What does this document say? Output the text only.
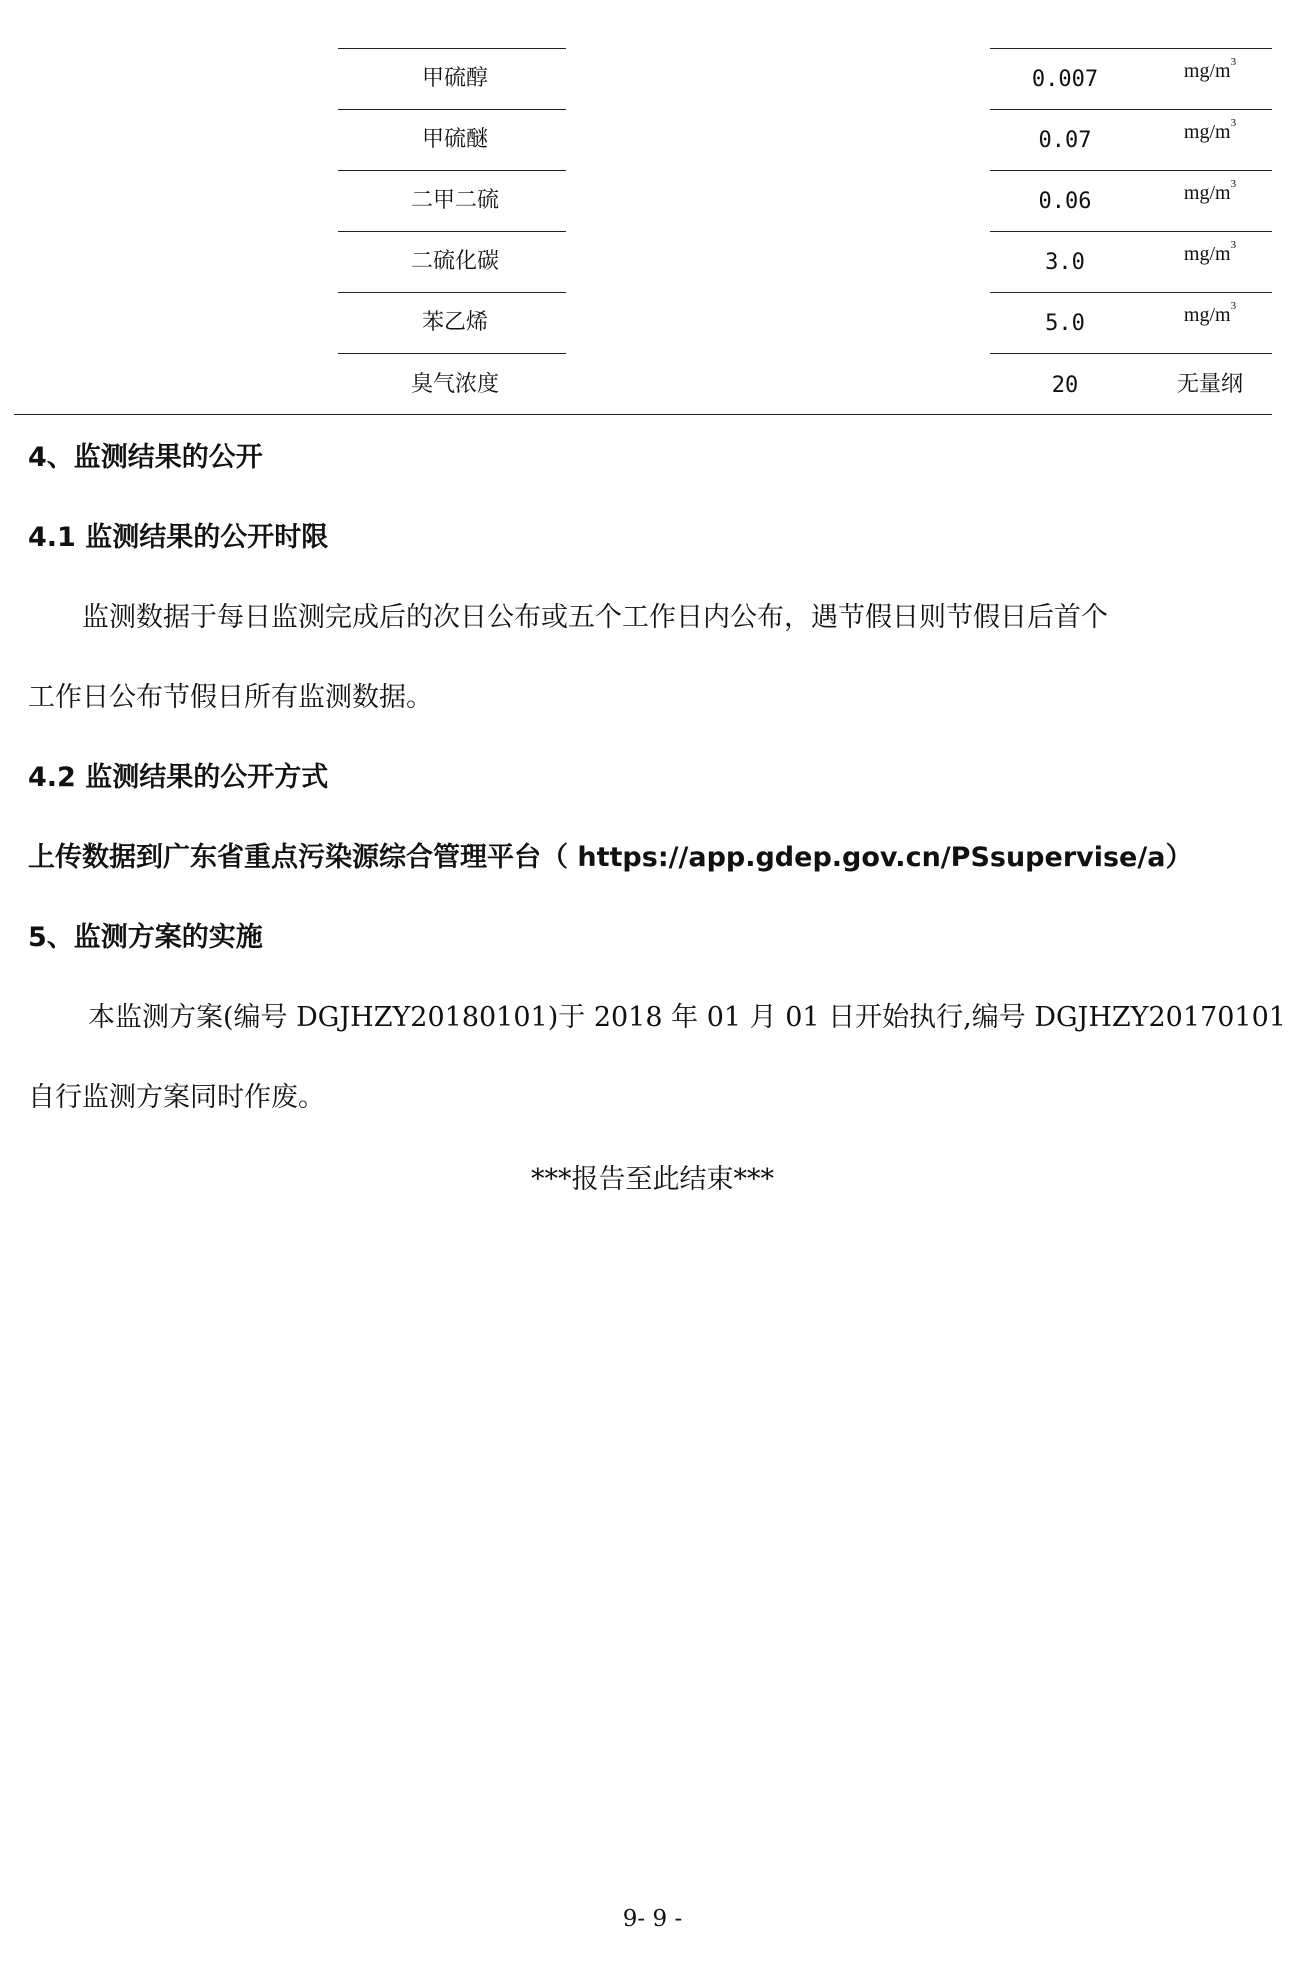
甲硫醇	0.007	$mg/m^3$
甲硫醚	0.07	$mg/m^3$
二甲二硫	0.06	$mg/m^3$
二硫化碳	3.0	$mg/m^3$
苯乙烯	5.0	$mg/m^3$
臭气浓度	20	无量纲
4、监测结果的公开
4.1 监测结果的公开时限
监测数据于每日监测完成后的次日公布或五个工作日内公布，遇节假日则节假日后首个
工作日公布节假日所有监测数据。
4.2 监测结果的公开方式
上传数据到广东省重点污染源综合管理平台（ https://app.gdep.gov.cn/PSsupervise/a）
5、监测方案的实施
本监测方案(编号 DGJHZY20180101)于 2018 年 01 月 01 日开始执行,编号 DGJHZY20170101
自行监测方案同时作废。
***报告至此结束***
9- 9 -
